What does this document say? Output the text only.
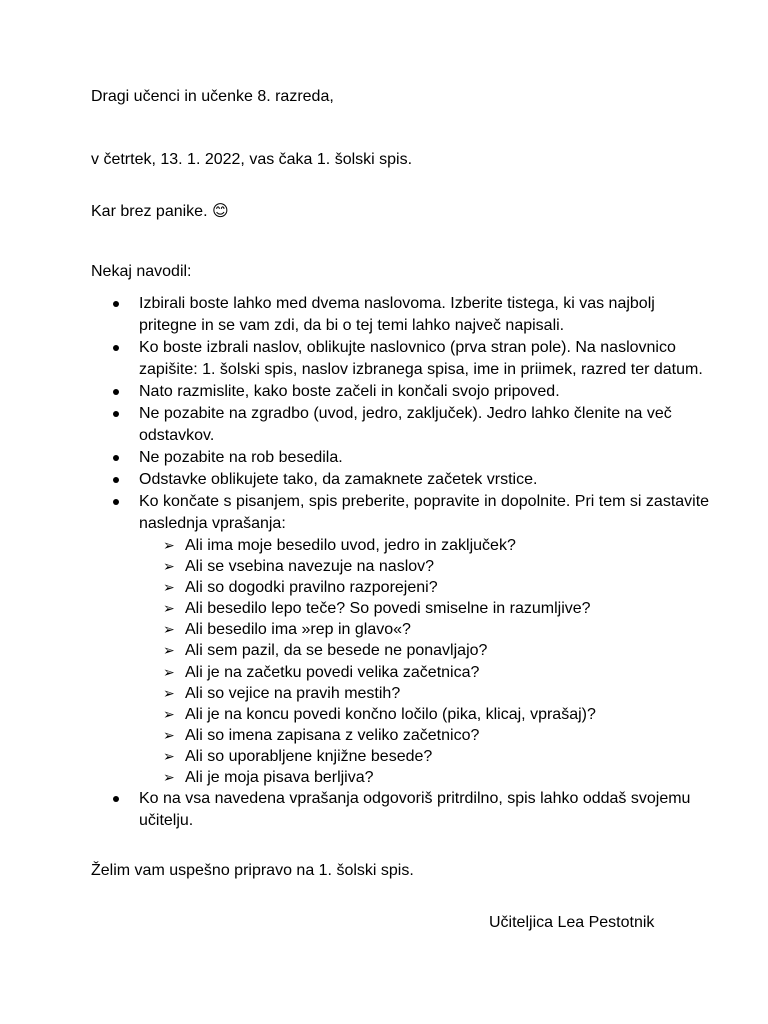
Dragi učenci in učenke 8. razreda,
v četrtek, 13. 1. 2022, vas čaka 1. šolski spis.
Kar brez panike. 😊
Nekaj navodil:
Izbirali boste lahko med dvema naslovoma. Izberite tistega, ki vas najbolj pritegne in se vam zdi, da bi o tej temi lahko največ napisali.
Ko boste izbrali naslov, oblikujte naslovnico (prva stran pole). Na naslovnico zapišite: 1. šolski spis, naslov izbranega spisa, ime in priimek, razred ter datum.
Nato razmislite, kako boste začeli in končali svojo pripoved.
Ne pozabite na zgradbo (uvod, jedro, zaključek). Jedro lahko členite na več odstavkov.
Ne pozabite na rob besedila.
Odstavke oblikujete tako, da zamaknete začetek vrstice.
Ko končate s pisanjem, spis preberite, popravite in dopolnite. Pri tem si zastavite naslednja vprašanja:
➢ Ali ima moje besedilo uvod, jedro in zaključek?
➢ Ali se vsebina navezuje na naslov?
➢ Ali so dogodki pravilno razporejeni?
➢ Ali besedilo lepo teče? So povedi smiselne in razumljive?
➢ Ali besedilo ima »rep in glavo«?
➢ Ali sem pazil, da se besede ne ponavljajo?
➢ Ali je na začetku povedi velika začetnica?
➢ Ali so vejice na pravih mestih?
➢ Ali je na koncu povedi končno ločilo (pika, klicaj, vprašaj)?
➢ Ali so imena zapisana z veliko začetnico?
➢ Ali so uporabljene knjižne besede?
➢ Ali je moja pisava berljiva?
Ko na vsa navedena vprašanja odgovoriš pritrdilno, spis lahko oddaš svojemu učitelju.
Želim vam uspešno pripravo na 1. šolski spis.
Učiteljica Lea Pestotnik
